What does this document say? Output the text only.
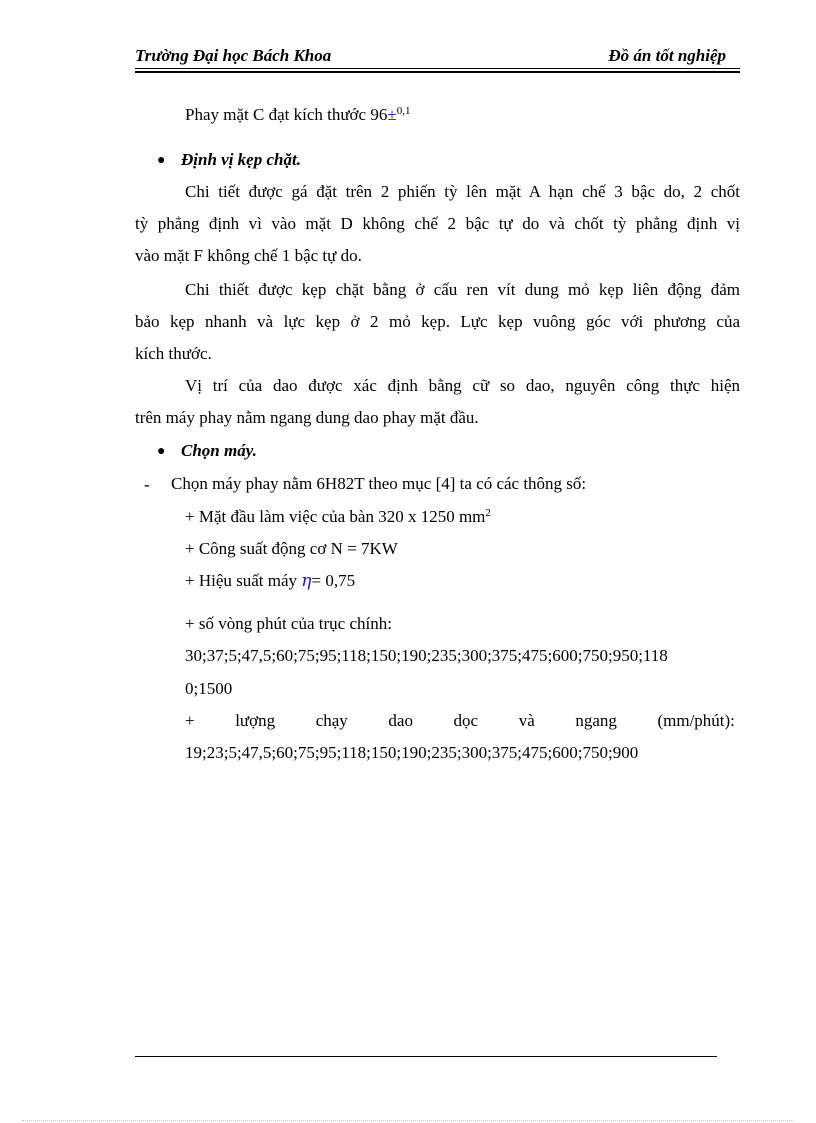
Trường Đại học Bách Khoa	Đồ án tốt nghiệp
Phay mặt C đạt kích thước 96±$^{0,1}$
● Định vị kẹp chặt.
Chi tiết được gá đặt trên 2 phiến tỳ lên mặt A hạn chế 3 bậc do, 2 chốt
tỳ phẳng định vì vào mặt D không chế 2 bậc tự do và chốt tỳ phẳng định vị
vào mặt F không chế 1 bậc tự do.
Chi thiết được kẹp chặt bằng ở cấu ren vít dung mỏ kẹp liên động đảm
bảo kẹp nhanh và lực kẹp ở 2 mỏ kẹp. Lực kẹp vuông góc với phương của
kích thước.
Vị trí của dao được xác định bằng cữ so dao, nguyên công thực hiện
trên máy phay nằm ngang dung dao phay mặt đầu.
● Chọn máy.
- Chọn máy phay nằm 6H82T theo mục [4] ta có các thông số:
+ Mặt đầu làm việc của bàn 320 x 1250 $mm^2$
+ Công suất động cơ N = 7KW
+ Hiệu suất máy η= 0,75
+ số vòng phút của trục chính:
30;37;5;47,5;60;75;95;118;150;190;235;300;375;475;600;750;950;118
0;1500
+ lượng chạy dao dọc và ngang (mm/phút):
19;23;5;47,5;60;75;95;118;150;190;235;300;375;475;600;750;900
